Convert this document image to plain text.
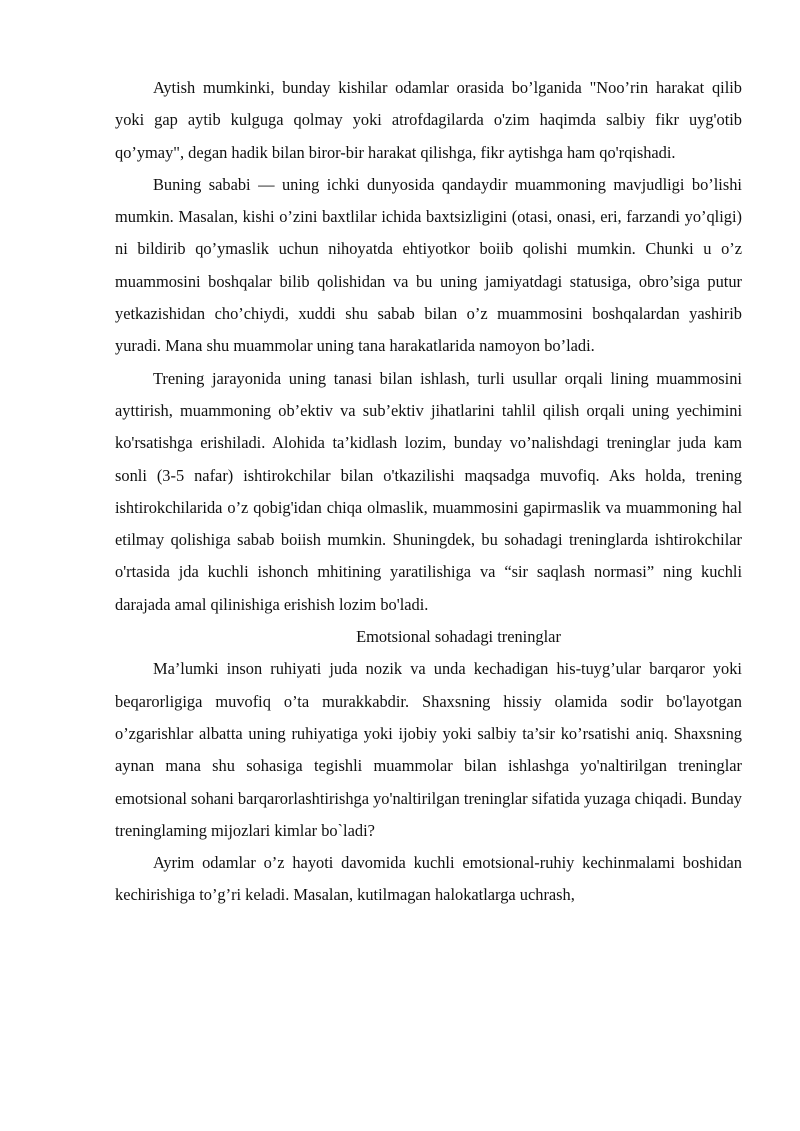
Aytish mumkinki, bunday kishilar odamlar orasida bo’lganida "Noo’rin harakat qilib yoki gap aytib kulguga qolmay yoki atrofdagilarda o'zim haqimda salbiy fikr uyg'otib qo’ymay", degan hadik bilan biror-bir harakat qilishga, fikr aytishga ham qo'rqishadi.

Buning sababi — uning ichki dunyosida qandaydir muammoning mavjudligi bo’lishi mumkin. Masalan, kishi o’zini baxtlilar ichida baxtsizligini (otasi, onasi, eri, farzandi yo’qligi) ni bildirib qo’ymaslik uchun nihoyatda ehtiyotkor boiib qolishi mumkin. Chunki u o’z muammosini boshqalar bilib qolishidan va bu uning jamiyatdagi statusiga, obro’siga putur yetkazishidan cho’chiydi, xuddi shu sabab bilan o’z muammosini boshqalardan yashirib yuradi. Mana shu muammolar uning tana harakatlarida namoyon bo’ladi.

Trening jarayonida uning tanasi bilan ishlash, turli usullar orqali lining muammosini ayttirish, muammoning ob’ektiv va sub’ektiv jihatlarini tahlil qilish orqali uning yechimini ko'rsatishga erishiladi. Alohida ta’kidlash lozim, bunday vo’nalishdagi treninglar juda kam sonli (3-5 nafar) ishtirokchilar bilan o'tkazilishi maqsadga muvofiq. Aks holda, trening ishtirokchilarida o’z qobig'idan chiqa olmaslik, muammosini gapirmaslik va muammoning hal etilmay qolishiga sabab boiish mumkin. Shuningdek, bu sohadagi treninglarda ishtirokchilar o'rtasida jda kuchli ishonch mhitining yaratilishiga va “sir saqlash normasi” ning kuchli darajada amal qilinishiga erishish lozim bo'ladi.

Emotsional sohadagi treninglar

Ma’lumki inson ruhiyati juda nozik va unda kechadigan his-tuyg’ular barqaror yoki beqarorligiga muvofiq o’ta murakkabdir. Shaxsning hissiy olamida sodir bo'layotgan o’zgarishlar albatta uning ruhiyatiga yoki ijobiy yoki salbiy ta’sir ko’rsatishi aniq. Shaxsning aynan mana shu sohasiga tegishli muammolar bilan ishlashga yo'naltirilgan treninglar emotsional sohani barqarorlashtirishga yo'naltirilgan treninglar sifatida yuzaga chiqadi. Bunday treninglaming mijozlari kimlar bo`ladi?

Ayrim odamlar o’z hayoti davomida kuchli emotsional-ruhiy kechinmalami boshidan kechirishiga to’g’ri keladi. Masalan, kutilmagan halokatlarga uchrash,
